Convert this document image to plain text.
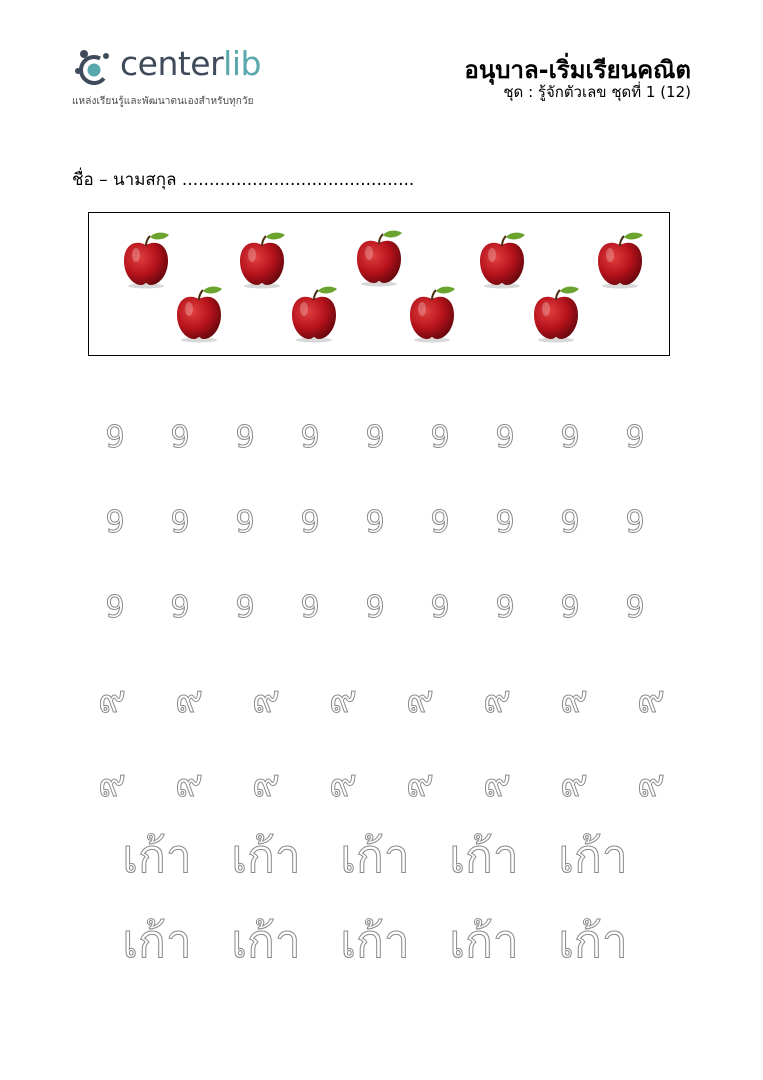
centerlib
แหล่งเรียนรู้และพัฒนาตนเองสำหรับทุกวัย
อนุบาล-เริ่มเรียนคณิต
ชุด : รู้จักตัวเลข ชุดที่ 1 (12)
ชื่อ – นามสกุล ...........................................
9	9	9	9	9	9	9	9	9
9	9	9	9	9	9	9	9	9
9	9	9	9	9	9	9	9	9
๙	๙	๙	๙	๙	๙	๙	๙
๙	๙	๙	๙	๙	๙	๙	๙
เก้า เก้า เก้า เก้า เก้า
เก้า เก้า เก้า เก้า เก้า
